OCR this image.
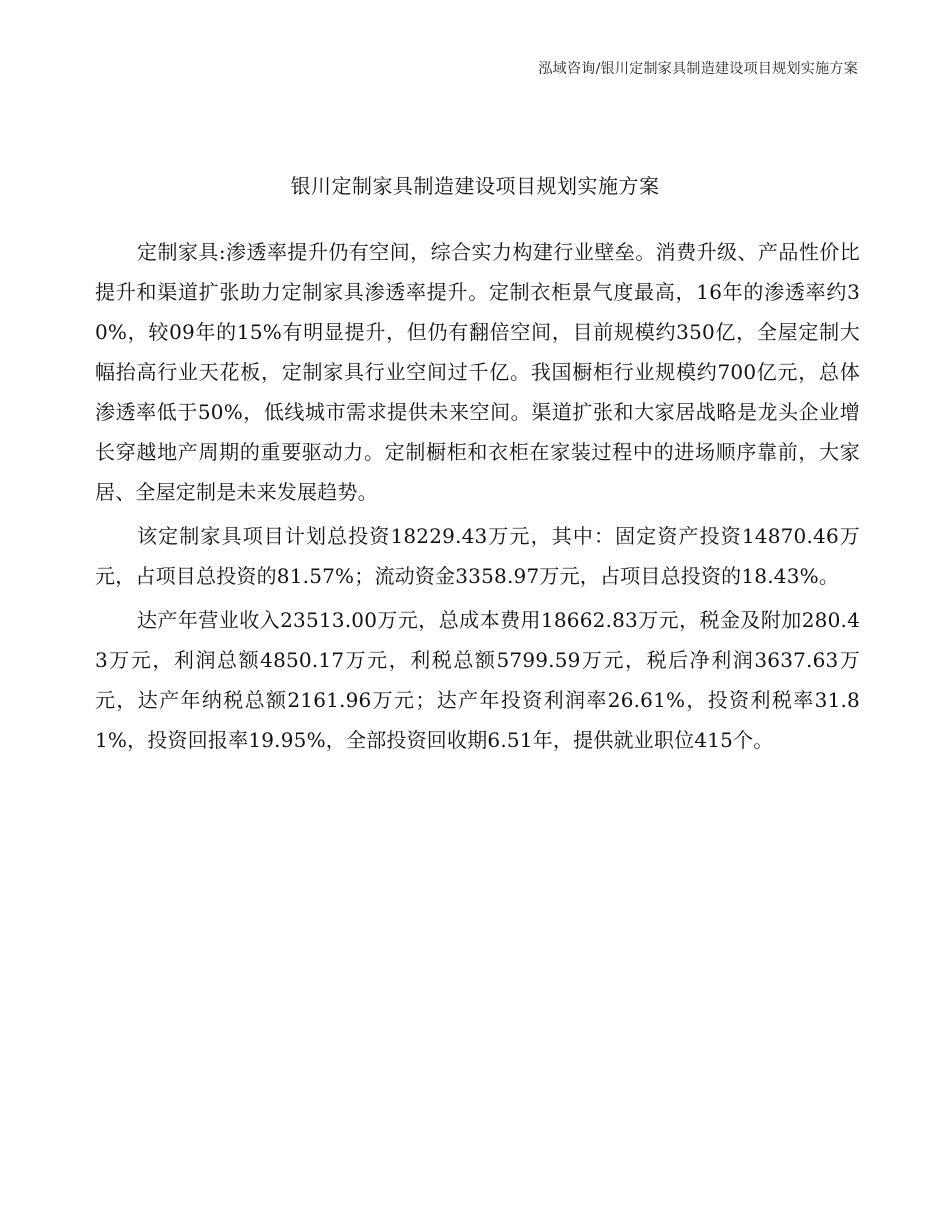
泓域咨询/银川定制家具制造建设项目规划实施方案
银川定制家具制造建设项目规划实施方案

定制家具:渗透率提升仍有空间，综合实力构建行业壁垒。消费升级、产品性价比提升和渠道扩张助力定制家具渗透率提升。定制衣柜景气度最高，16年的渗透率约30%，较09年的15%有明显提升，但仍有翻倍空间，目前规模约350亿，全屋定制大幅抬高行业天花板，定制家具行业空间过千亿。我国橱柜行业规模约700亿元，总体渗透率低于50%，低线城市需求提供未来空间。渠道扩张和大家居战略是龙头企业增长穿越地产周期的重要驱动力。定制橱柜和衣柜在家装过程中的进场顺序靠前，大家居、全屋定制是未来发展趋势。

该定制家具项目计划总投资18229.43万元，其中：固定资产投资14870.46万元，占项目总投资的81.57%；流动资金3358.97万元，占项目总投资的18.43%。

达产年营业收入23513.00万元，总成本费用18662.83万元，税金及附加280.43万元，利润总额4850.17万元，利税总额5799.59万元，税后净利润3637.63万元，达产年纳税总额2161.96万元；达产年投资利润率26.61%，投资利税率31.81%，投资回报率19.95%，全部投资回收期6.51年，提供就业职位415个。
